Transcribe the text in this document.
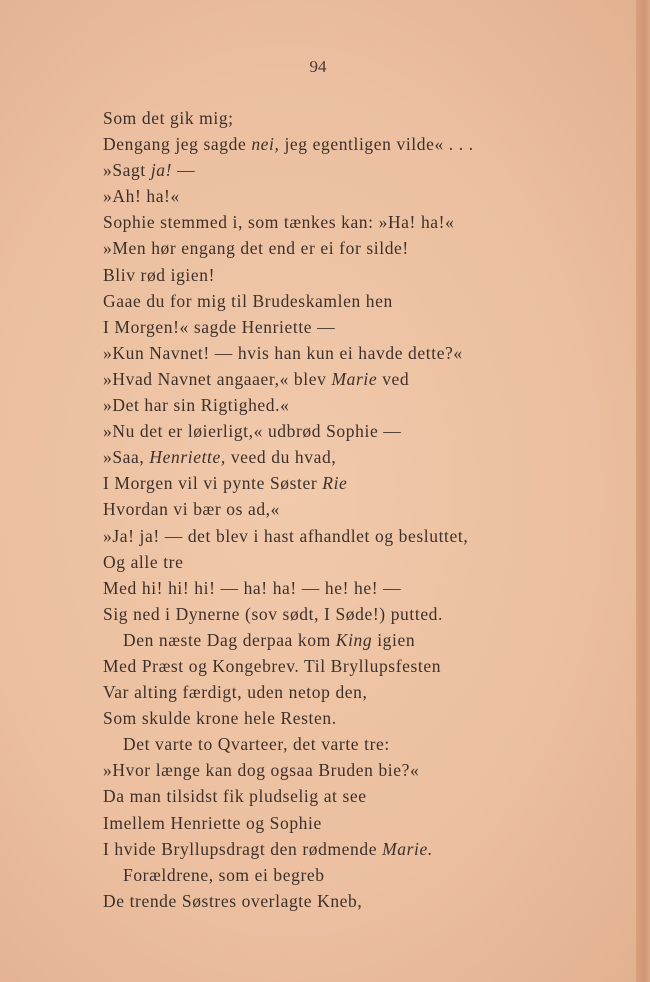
94
Som det gik mig;
Dengang jeg sagde nei, jeg egentligen vilde« . . .
»Sagt ja! —
»Ah! ha!«
Sophie stemmed i, som tænkes kan: »Ha! ha!«
»Men hør engang det end er ei for silde!
Bliv rød igien!
Gaae du for mig til Brudeskamlen hen
I Morgen!« sagde Henriette —
»Kun Navnet! — hvis han kun ei havde dette?«
»Hvad Navnet angaaer,« blev Marie ved
»Det har sin Rigtighed.«
»Nu det er løierligt,« udbrød Sophie —
»Saa, Henriette, veed du hvad,
I Morgen vil vi pynte Søster Rie
Hvordan vi bær os ad,«
»Ja! ja! — det blev i hast afhandlet og besluttet,
Og alle tre
Med hi! hi! hi! — ha! ha! — he! he! —
Sig ned i Dynerne (sov sødt, I Søde!) putted.
Den næste Dag derpaa kom King igien
Med Præst og Kongebrev. Til Bryllupsfesten
Var alting færdigt, uden netop den,
Som skulde krone hele Resten.
Det varte to Qvarteer, det varte tre:
»Hvor længe kan dog ogsaa Bruden bie?«
Da man tilsidst fik pludselig at see
Imellem Henriette og Sophie
I hvide Bryllupsdragt den rødmende Marie.
Forældrene, som ei begreb
De trende Søstres overlagte Kneb,
